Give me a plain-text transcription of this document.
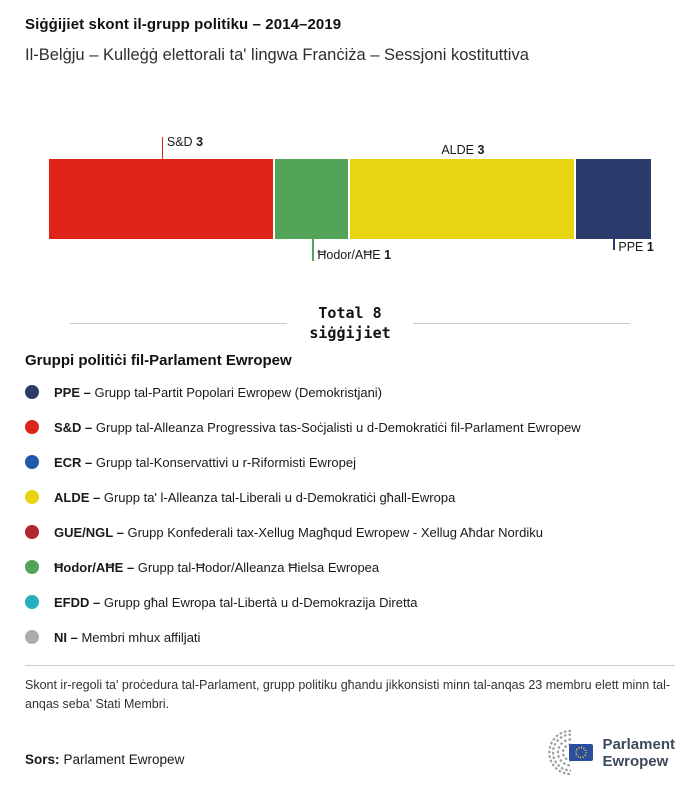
Siġġijiet skont il-grupp politiku – 2014–2019
Il-Belġju – Kulleġġ elettorali ta' lingwa Franċiża – Sessjoni kostituttiva
S&D 3
Ħodor/AĦE 1
ALDE 3
PPE 1
Total 8
siġġijiet
Gruppi politiċi fil-Parlament Ewropew
PPE – Grupp tal-Partit Popolari Ewropew (Demokristjani)
S&D – Grupp tal-Alleanza Progressiva tas-Soċjalisti u d-Demokratiċi fil-Parlament Ewropew
ECR – Grupp tal-Konservattivi u r-Riformisti Ewropej
ALDE – Grupp ta' l-Alleanza tal-Liberali u d-Demokratiċi għall-Ewropa
GUE/NGL – Grupp Konfederali tax-Xellug Magħqud Ewropew - Xellug Aħdar Nordiku
Ħodor/AĦE – Grupp tal-Ħodor/Alleanza Ħielsa Ewropea
EFDD – Grupp għal Ewropa tal-Libertà u d-Demokrazija Diretta
NI – Membri mhux affiljati

Skont ir-regoli ta' proċedura tal-Parlament, grupp politiku għandu jikkonsisti minn tal-anqas 23 membru elett minn tal-anqas seba' Stati Membri.

Sors: Parlament Ewropew
Parlament
Ewropew
